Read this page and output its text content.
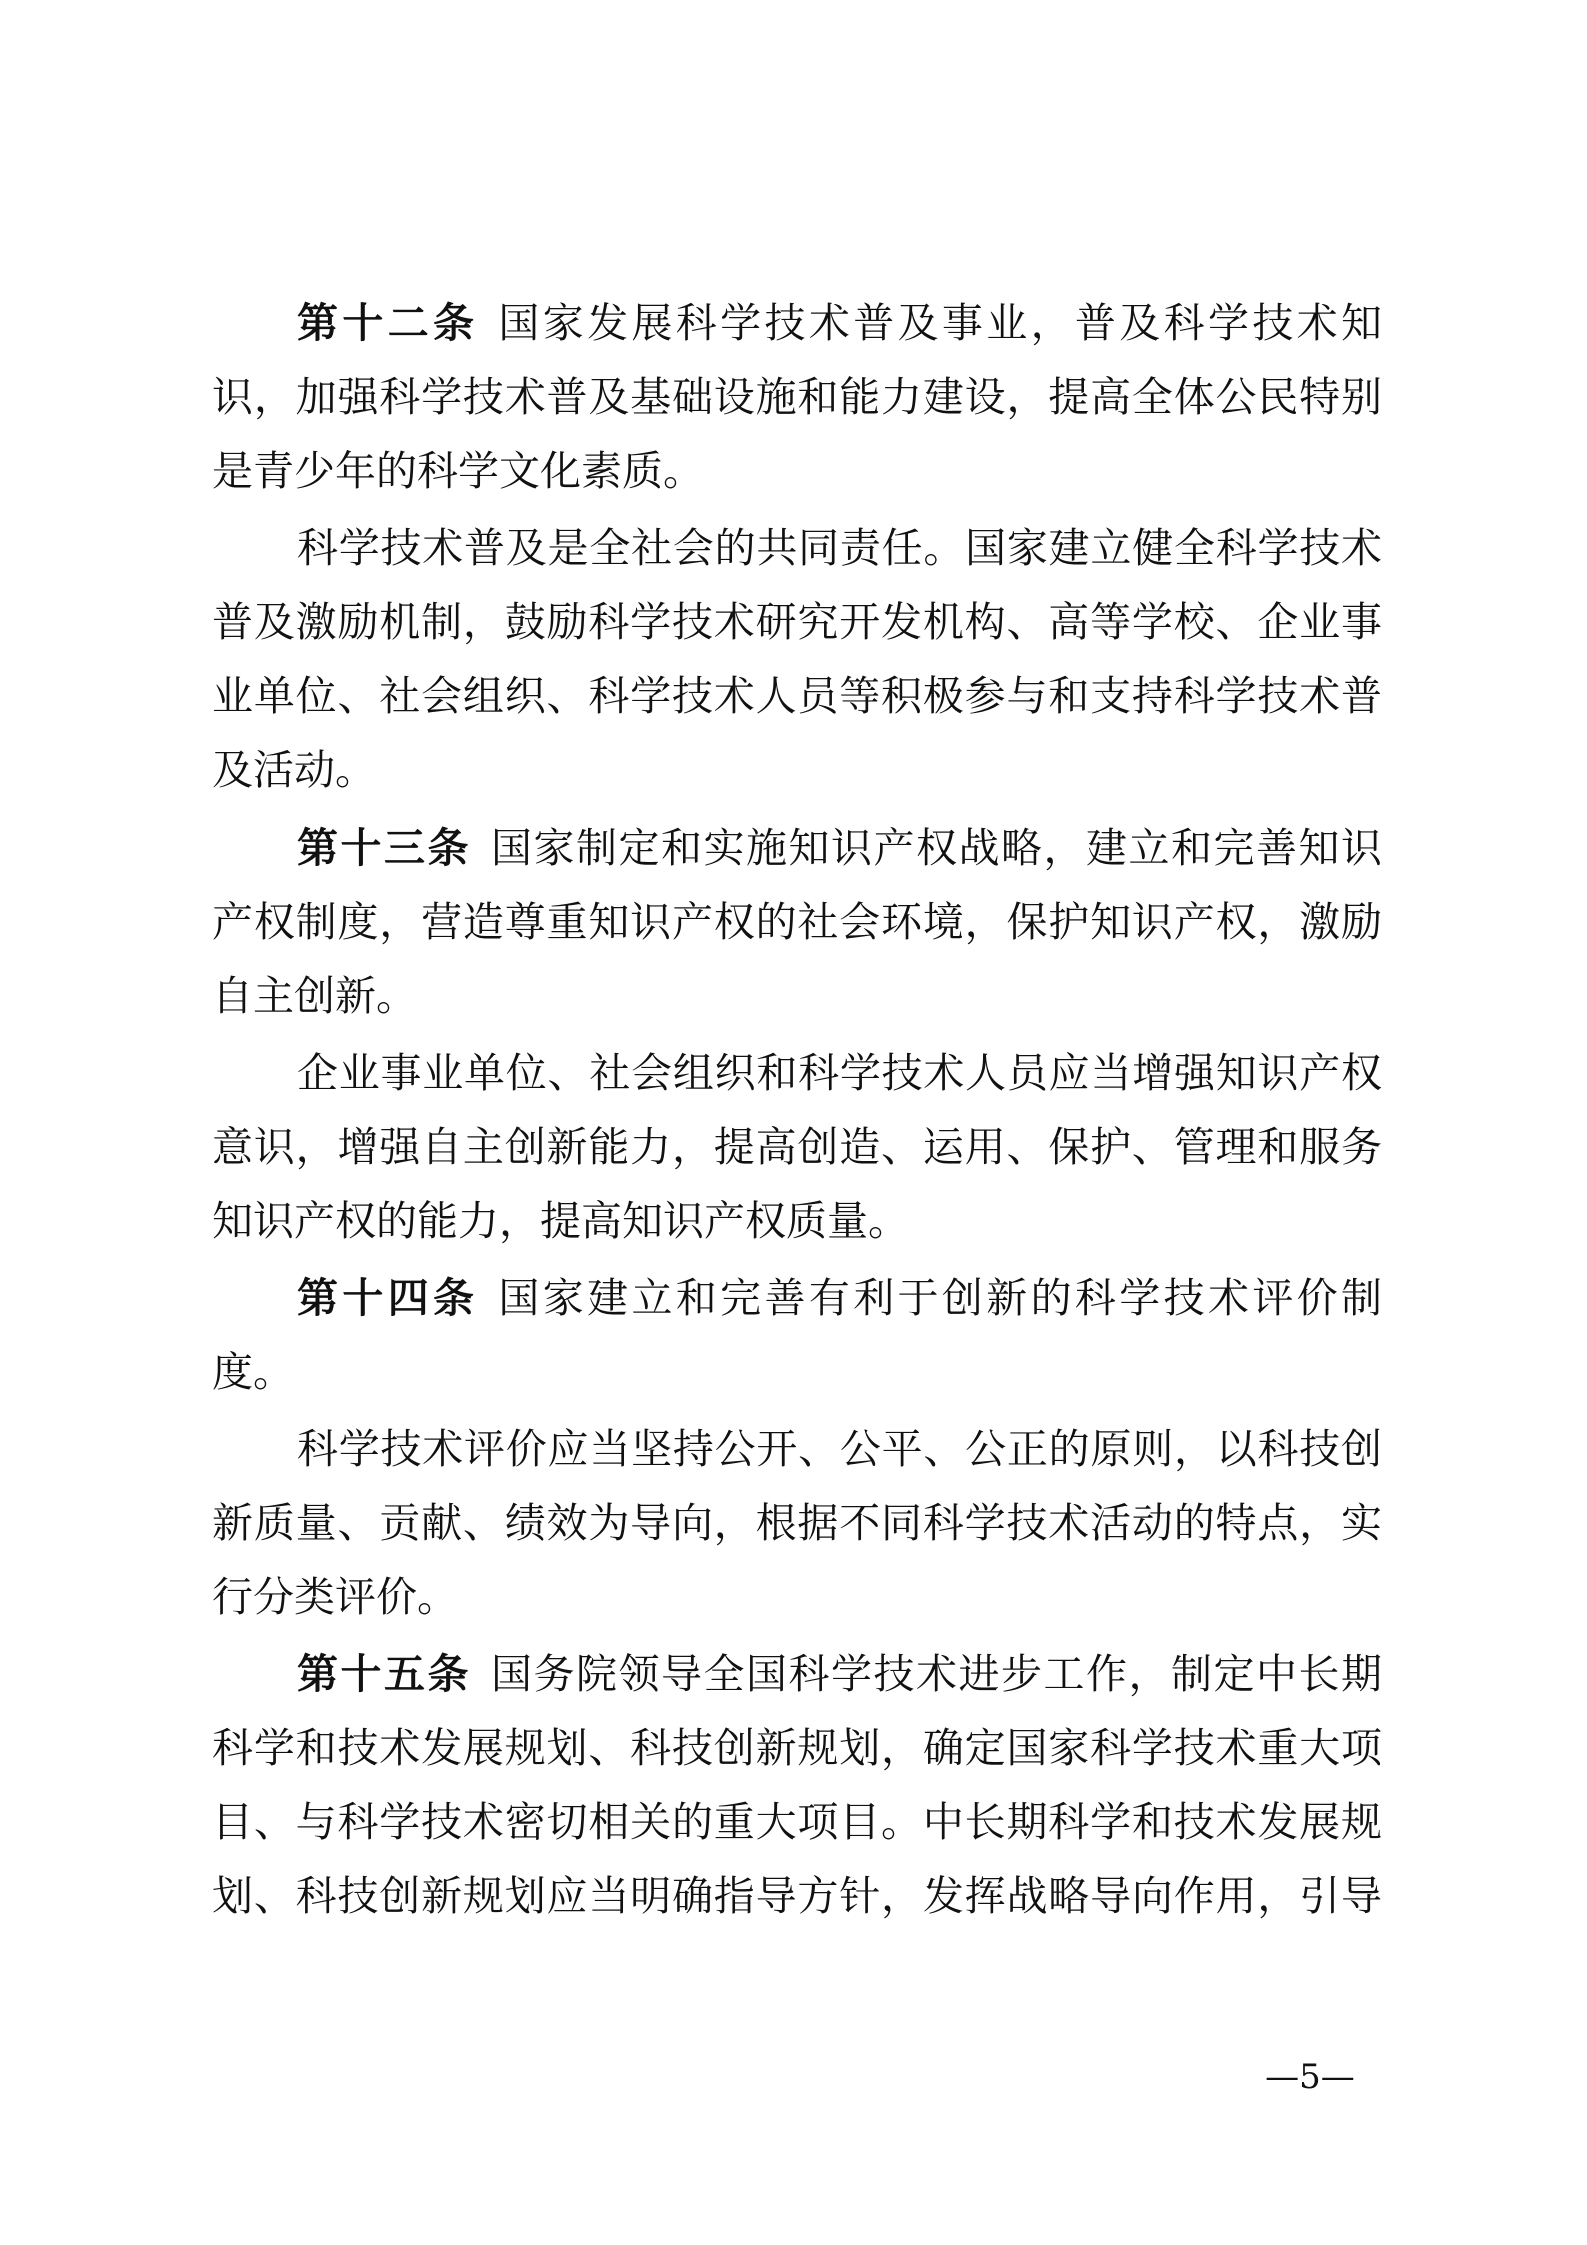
第十二条 国家发展科学技术普及事业，普及科学技术知
识，加强科学技术普及基础设施和能力建设，提高全体公民特别
是青少年的科学文化素质。
科学技术普及是全社会的共同责任。国家建立健全科学技术
普及激励机制，鼓励科学技术研究开发机构、高等学校、企业事
业单位、社会组织、科学技术人员等积极参与和支持科学技术普
及活动。
第十三条 国家制定和实施知识产权战略，建立和完善知识
产权制度，营造尊重知识产权的社会环境，保护知识产权，激励
自主创新。
企业事业单位、社会组织和科学技术人员应当增强知识产权
意识，增强自主创新能力，提高创造、运用、保护、管理和服务
知识产权的能力，提高知识产权质量。
第十四条 国家建立和完善有利于创新的科学技术评价制
度。
科学技术评价应当坚持公开、公平、公正的原则，以科技创
新质量、贡献、绩效为导向，根据不同科学技术活动的特点，实
行分类评价。
第十五条 国务院领导全国科学技术进步工作，制定中长期
科学和技术发展规划、科技创新规划，确定国家科学技术重大项
目、与科学技术密切相关的重大项目。中长期科学和技术发展规
划、科技创新规划应当明确指导方针，发挥战略导向作用，引导
—5—
